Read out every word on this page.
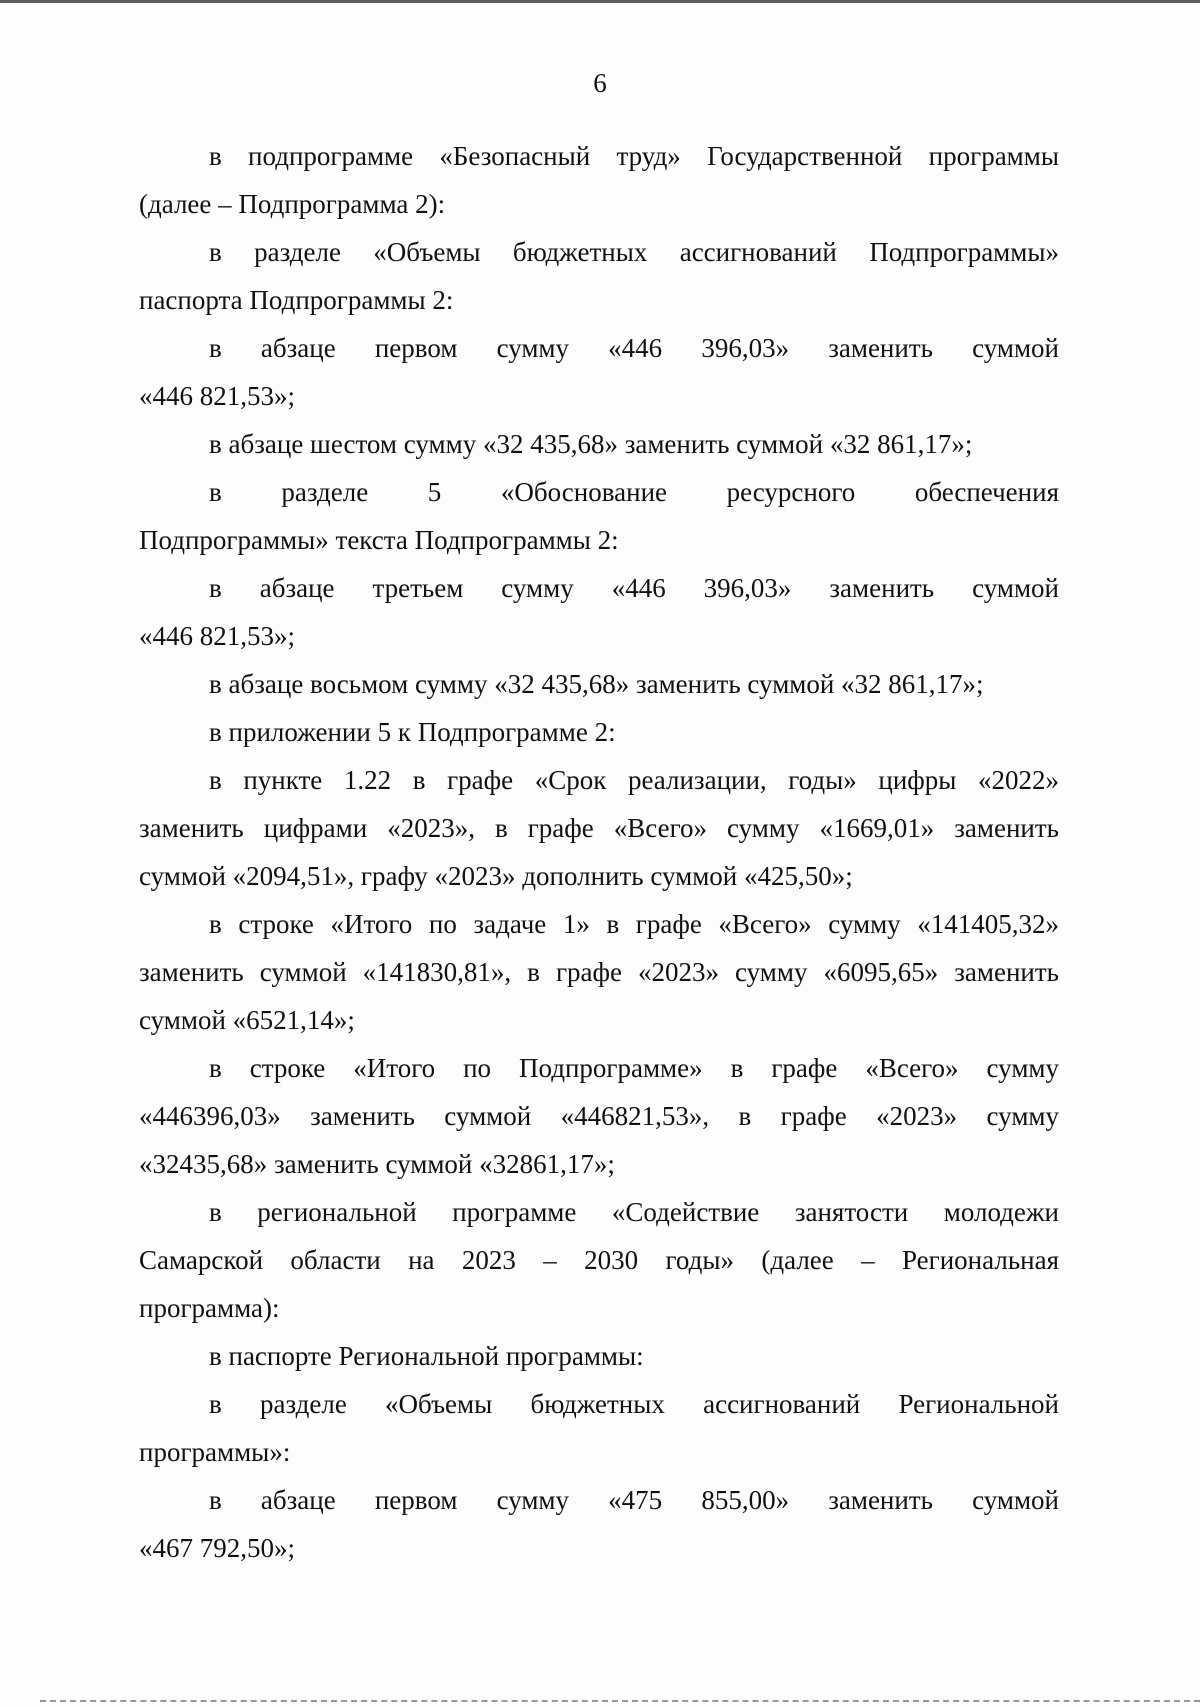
6

в подпрограмме «Безопасный труд» Государственной программы

(далее – Подпрограмма 2):

в разделе «Объемы бюджетных ассигнований Подпрограммы»

паспорта Подпрограммы 2:

в абзаце первом сумму «446 396,03» заменить суммой

«446 821,53»;

в абзаце шестом сумму «32 435,68» заменить суммой «32 861,17»;

в разделе 5 «Обоснование ресурсного обеспечения

Подпрограммы» текста Подпрограммы 2:

в абзаце третьем сумму «446 396,03» заменить суммой

«446 821,53»;

в абзаце восьмом сумму «32 435,68» заменить суммой «32 861,17»;

в приложении 5 к Подпрограмме 2:

в пункте 1.22 в графе «Срок реализации, годы» цифры «2022»

заменить цифрами «2023», в графе «Всего» сумму «1669,01» заменить

суммой «2094,51», графу «2023» дополнить суммой «425,50»;

в строке «Итого по задаче 1» в графе «Всего» сумму «141405,32»

заменить суммой «141830,81», в графе «2023» сумму «6095,65» заменить

суммой «6521,14»;

в строке «Итого по Подпрограмме» в графе «Всего» сумму

«446396,03» заменить суммой «446821,53», в графе «2023» сумму

«32435,68» заменить суммой «32861,17»;

в региональной программе «Содействие занятости молодежи

Самарской области на 2023 – 2030 годы» (далее – Региональная

программа):

в паспорте Региональной программы:

в разделе «Объемы бюджетных ассигнований Региональной

программы»:

в абзаце первом сумму «475 855,00» заменить суммой

«467 792,50»;
